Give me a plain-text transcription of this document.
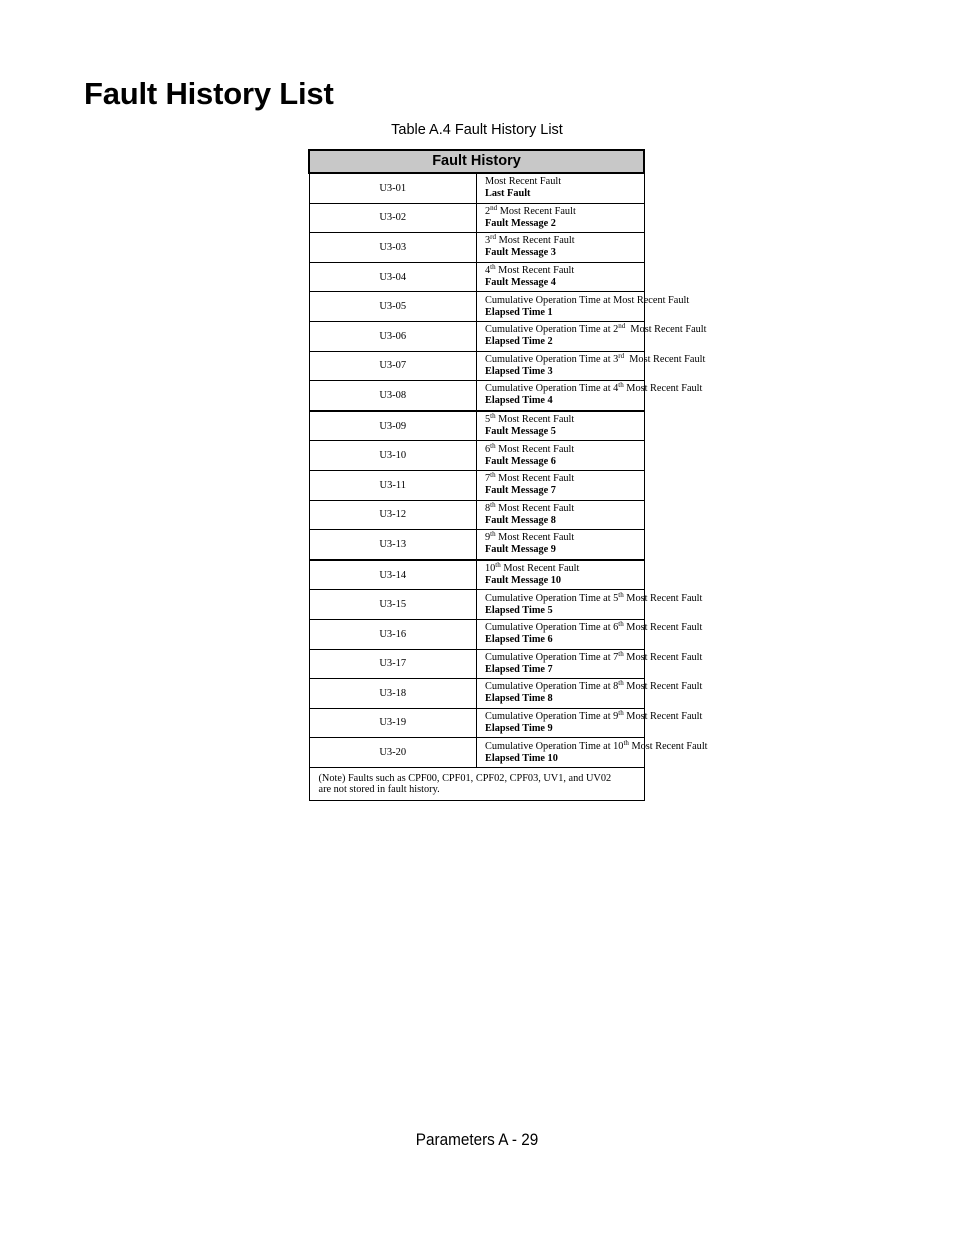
Fault History List
Table A.4 Fault History List
Fault History	
U3-01	Most Recent Fault
Last Fault

U3-02	2nd Most Recent Fault
Fault Message 2

U3-03	3rd Most Recent Fault
Fault Message 3

U3-04	4th Most Recent Fault
Fault Message 4

U3-05	Cumulative Operation Time at Most Recent Fault
Elapsed Time 1

U3-06	Cumulative Operation Time at 2nd  Most Recent Fault
Elapsed Time 2

U3-07	Cumulative Operation Time at 3rd  Most Recent Fault
Elapsed Time 3

U3-08	Cumulative Operation Time at 4th Most Recent Fault
Elapsed Time 4

U3-09	5th Most Recent Fault
Fault Message 5

U3-10	6th Most Recent Fault
Fault Message 6

U3-11	7th Most Recent Fault
Fault Message 7

U3-12	8th Most Recent Fault
Fault Message 8

U3-13	9th Most Recent Fault
Fault Message 9

U3-14	10th Most Recent Fault
Fault Message 10

U3-15	Cumulative Operation Time at 5th Most Recent Fault
Elapsed Time 5

U3-16	Cumulative Operation Time at 6th Most Recent Fault
Elapsed Time 6

U3-17	Cumulative Operation Time at 7th Most Recent Fault
Elapsed Time 7

U3-18	Cumulative Operation Time at 8th Most Recent Fault
Elapsed Time 8

U3-19	Cumulative Operation Time at 9th Most Recent Fault
Elapsed Time 9

U3-20	Cumulative Operation Time at 10th Most Recent Fault
Elapsed Time 10

(Note) Faults such as CPF00, CPF01, CPF02, CPF03, UV1, and UV02
are not stored in fault history.	
Parameters A - 29
